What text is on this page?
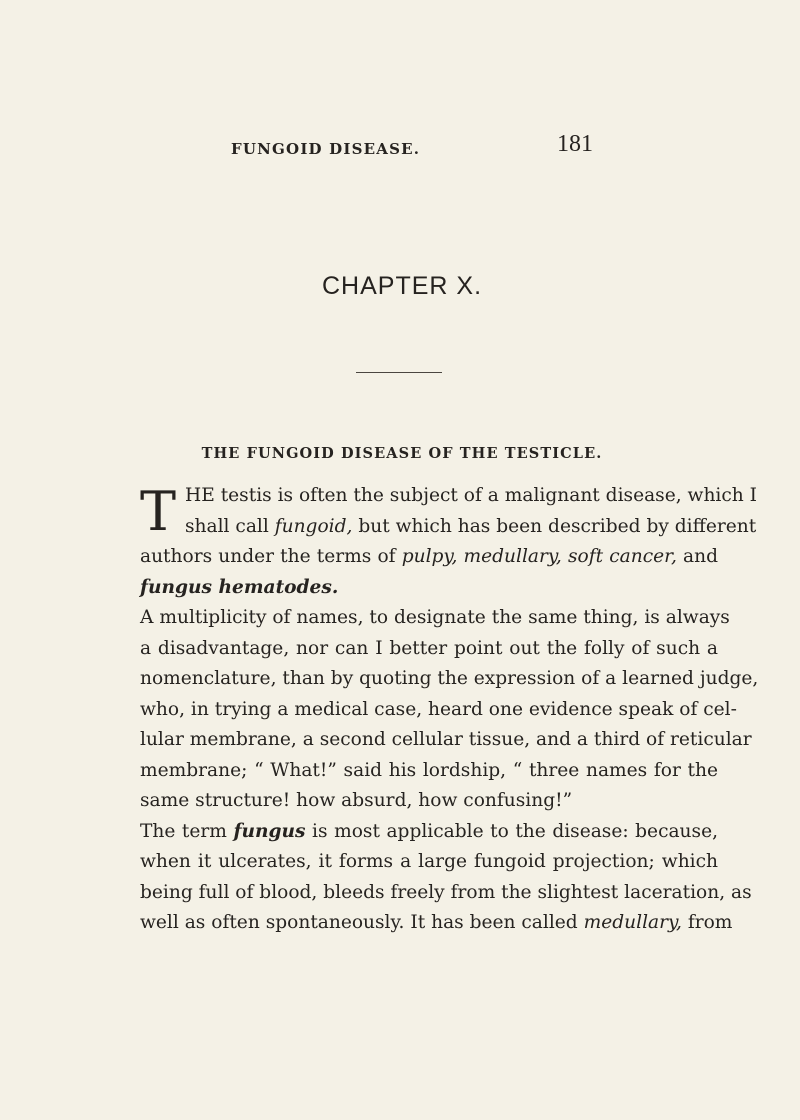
FUNGOID DISEASE.	181
CHAPTER X.
THE FUNGOID DISEASE OF THE TESTICLE.
T HE testis is often the subject of a malignant disease, which I
shall call fungoid, but which has been described by different
authors under the terms of pulpy, medullary, soft cancer, and
fungus hematodes.
A multiplicity of names, to designate the same thing, is always
a disadvantage, nor can I better point out the folly of such a
nomenclature, than by quoting the expression of a learned judge,
who, in trying a medical case, heard one evidence speak of cel-
lular membrane, a second cellular tissue, and a third of reticular
membrane; “ What!” said his lordship, “ three names for the
same structure! how absurd, how confusing!”
The term fungus is most applicable to the disease: because,
when it ulcerates, it forms a large fungoid projection; which
being full of blood, bleeds freely from the slightest laceration, as
well as often spontaneously. It has been called medullary, from
